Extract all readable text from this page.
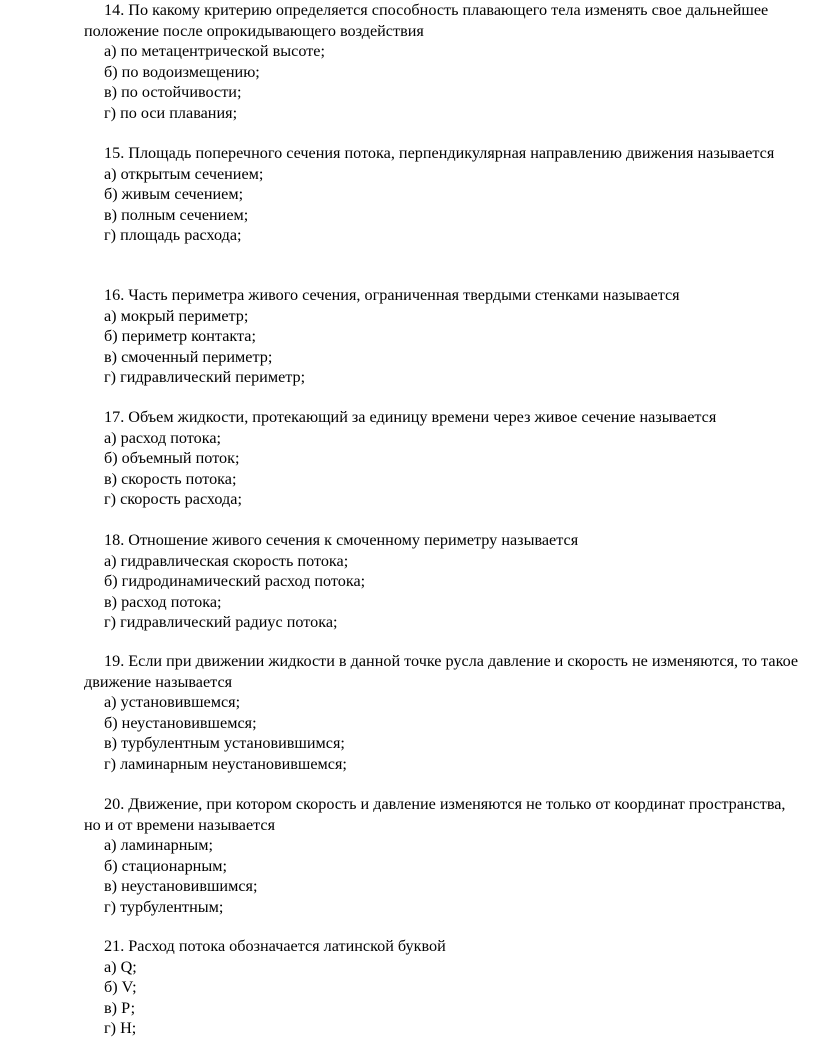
14. По какому критерию определяется способность плавающего тела изменять свое дальнейшее положение после опрокидывающего воздействия

а) по метацентрической высоте;
б) по водоизмещению;
в) по остойчивости;
г) по оси плавания;

15. Площадь поперечного сечения потока, перпендикулярная направлению движения называется

а) открытым сечением;
б) живым сечением;
в) полным сечением;
г) площадь расхода;

16. Часть периметра живого сечения, ограниченная твердыми стенками называется

а) мокрый периметр;
б) периметр контакта;
в) смоченный периметр;
г) гидравлический периметр;

17. Объем жидкости, протекающий за единицу времени через живое сечение называется

а) расход потока;
б) объемный поток;
в) скорость потока;
г) скорость расхода;

18. Отношение живого сечения к смоченному периметру называется

а) гидравлическая скорость потока;
б) гидродинамический расход потока;
в) расход потока;
г) гидравлический радиус потока;

19. Если при движении жидкости в данной точке русла давление и скорость не изменяются, то такое движение называется

а) установившемся;
б) неустановившемся;
в) турбулентным установившимся;
г) ламинарным неустановившемся;

20. Движение, при котором скорость и давление изменяются не только от координат пространства, но и от времени называется

а) ламинарным;
б) стационарным;
в) неустановившимся;
г) турбулентным;

21. Расход потока обозначается латинской буквой

а) Q;
б) V;
в) Р;
г) H;
